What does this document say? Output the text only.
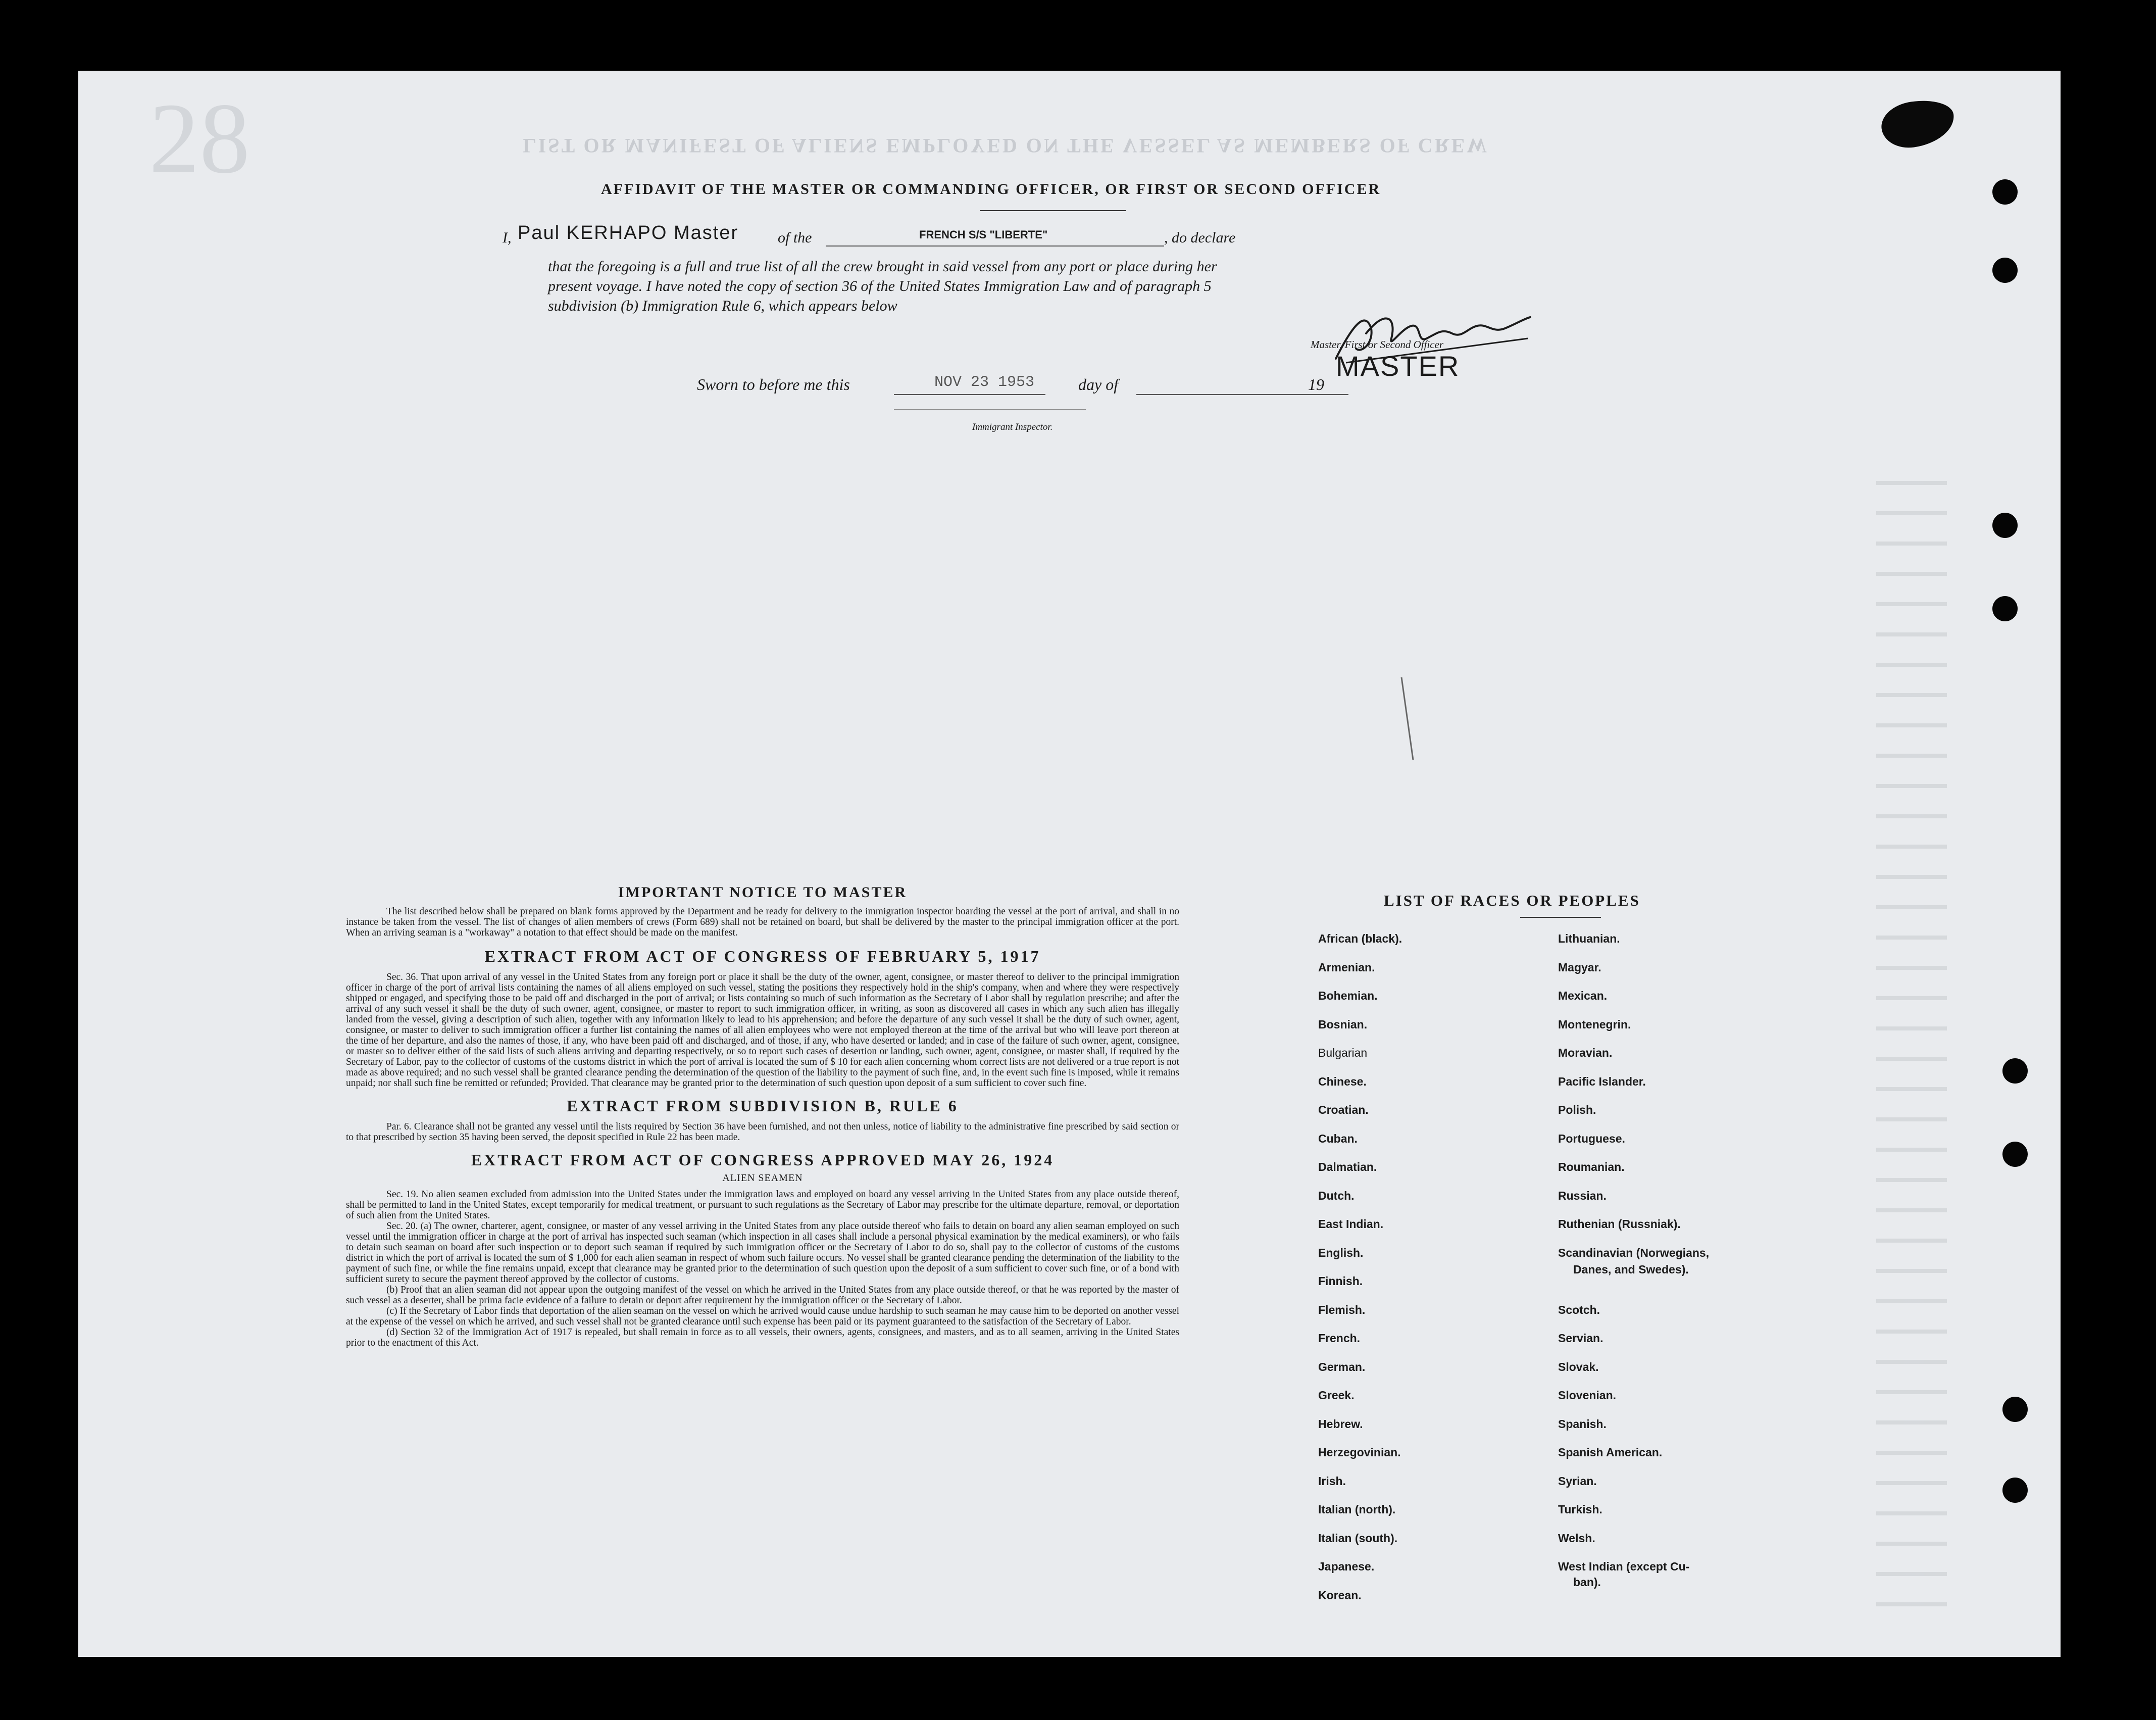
28	LIST OR MANIFEST OF ALIENS EMPLOYED ON THE VESSEL AS MEMBERS OF CREW
AFFIDAVIT OF THE MASTER OR COMMANDING OFFICER, OR FIRST OR SECOND OFFICER
I, Paul KERHAPO Master	of the	FRENCH S/S "LIBERTE"	, do declare
that the foregoing is a full and true list of all the crew brought in said vessel from any port or place during her
present voyage. I have noted the copy of section 36 of the United States Immigration Law and of paragraph 5
subdivision (b) Immigration Rule 6, which appears below
Master, First or Second Officer
MASTER
Sworn to before me this	NOV 23 1953	day of	19
Immigrant Inspector.
IMPORTANT NOTICE TO MASTER

The list described below shall be prepared on blank forms approved by the Department and be ready for delivery to the immigration inspector boarding the vessel at the port of arrival, and shall in no instance be taken from the vessel. The list of changes of alien members of crews (Form 689) shall not be retained on board, but shall be delivered by the master to the principal immigration officer at the port. When an arriving seaman is a "workaway" a notation to that effect should be made on the manifest.

EXTRACT FROM ACT OF CONGRESS OF FEBRUARY 5, 1917

Sec. 36. That upon arrival of any vessel in the United States from any foreign port or place it shall be the duty of the owner, agent, consignee, or master thereof to deliver to the principal immigration officer in charge of the port of arrival lists containing the names of all aliens employed on such vessel, stating the positions they respectively hold in the ship's company, when and where they were respectively shipped or engaged, and specifying those to be paid off and discharged in the port of arrival; or lists containing so much of such information as the Secretary of Labor shall by regulation prescribe; and after the arrival of any such vessel it shall be the duty of such owner, agent, consignee, or master to report to such immigration officer, in writing, as soon as discovered all cases in which any such alien has illegally landed from the vessel, giving a description of such alien, together with any information likely to lead to his apprehension; and before the departure of any such vessel it shall be the duty of such owner, agent, consignee, or master to deliver to such immigration officer a further list containing the names of all alien employees who were not employed thereon at the time of the arrival but who will leave port thereon at the time of her departure, and also the names of those, if any, who have been paid off and discharged, and of those, if any, who have deserted or landed; and in case of the failure of such owner, agent, consignee, or master so to deliver either of the said lists of such aliens arriving and departing respectively, or so to report such cases of desertion or landing, such owner, agent, consignee, or master shall, if required by the Secretary of Labor, pay to the collector of customs of the customs district in which the port of arrival is located the sum of $ 10 for each alien concerning whom correct lists are not delivered or a true report is not made as above required; and no such vessel shall be granted clearance pending the determination of the question of the liability to the payment of such fine, and, in the event such fine is imposed, while it remains unpaid; nor shall such fine be remitted or refunded; Provided. That clearance may be granted prior to the determination of such question upon deposit of a sum sufficient to cover such fine.

EXTRACT FROM SUBDIVISION B, RULE 6

Par. 6. Clearance shall not be granted any vessel until the lists required by Section 36 have been furnished, and not then unless, notice of liability to the administrative fine prescribed by said section or to that prescribed by section 35 having been served, the deposit specified in Rule 22 has been made.

EXTRACT FROM ACT OF CONGRESS APPROVED MAY 26, 1924
ALIEN SEAMEN

Sec. 19. No alien seamen excluded from admission into the United States under the immigration laws and employed on board any vessel arriving in the United States from any place outside thereof, shall be permitted to land in the United States, except temporarily for medical treatment, or pursuant to such regulations as the Secretary of Labor may prescribe for the ultimate departure, removal, or deportation of such alien from the United States.

Sec. 20. (a) The owner, charterer, agent, consignee, or master of any vessel arriving in the United States from any place outside thereof who fails to detain on board any alien seaman employed on such vessel until the immigration officer in charge at the port of arrival has inspected such seaman (which inspection in all cases shall include a personal physical examination by the medical examiners), or who fails to detain such seaman on board after such inspection or to deport such seaman if required by such immigration officer or the Secretary of Labor to do so, shall pay to the collector of customs of the customs district in which the port of arrival is located the sum of $ 1,000 for each alien seaman in respect of whom such failure occurs. No vessel shall be granted clearance pending the determination of the liability to the payment of such fine, or while the fine remains unpaid, except that clearance may be granted prior to the determination of such question upon the deposit of a sum sufficient to cover such fine, or of a bond with sufficient surety to secure the payment thereof approved by the collector of customs.

(b) Proof that an alien seaman did not appear upon the outgoing manifest of the vessel on which he arrived in the United States from any place outside thereof, or that he was reported by the master of such vessel as a deserter, shall be prima facie evidence of a failure to detain or deport after requirement by the immigration officer or the Secretary of Labor.

(c) If the Secretary of Labor finds that deportation of the alien seaman on the vessel on which he arrived would cause undue hardship to such seaman he may cause him to be deported on another vessel at the expense of the vessel on which he arrived, and such vessel shall not be granted clearance until such expense has been paid or its payment guaranteed to the satisfaction of the Secretary of Labor.

(d) Section 32 of the Immigration Act of 1917 is repealed, but shall remain in force as to all vessels, their owners, agents, consignees, and masters, and as to all seamen, arriving in the United States prior to the enactment of this Act.

LIST OF RACES OR PEOPLES
African (black).
Armenian.
Bohemian.
Bosnian.
Bulgarian
Chinese.
Croatian.
Cuban.
Dalmatian.
Dutch.
East Indian.
English.
Finnish.
Flemish.
French.
German.
Greek.
Hebrew.
Herzegovinian.
Irish.
Italian (north).
Italian (south).
Japanese.
Korean.
Lithuanian.
Magyar.
Mexican.
Montenegrin.
Moravian.
Pacific Islander.
Polish.
Portuguese.
Roumanian.
Russian.
Ruthenian (Russniak).
Scandinavian (Norwegians,
Danes, and Swedes).
Scotch.
Servian.
Slovak.
Slovenian.
Spanish.
Spanish American.
Syrian.
Turkish.
Welsh.
West Indian (except Cu-
ban).
